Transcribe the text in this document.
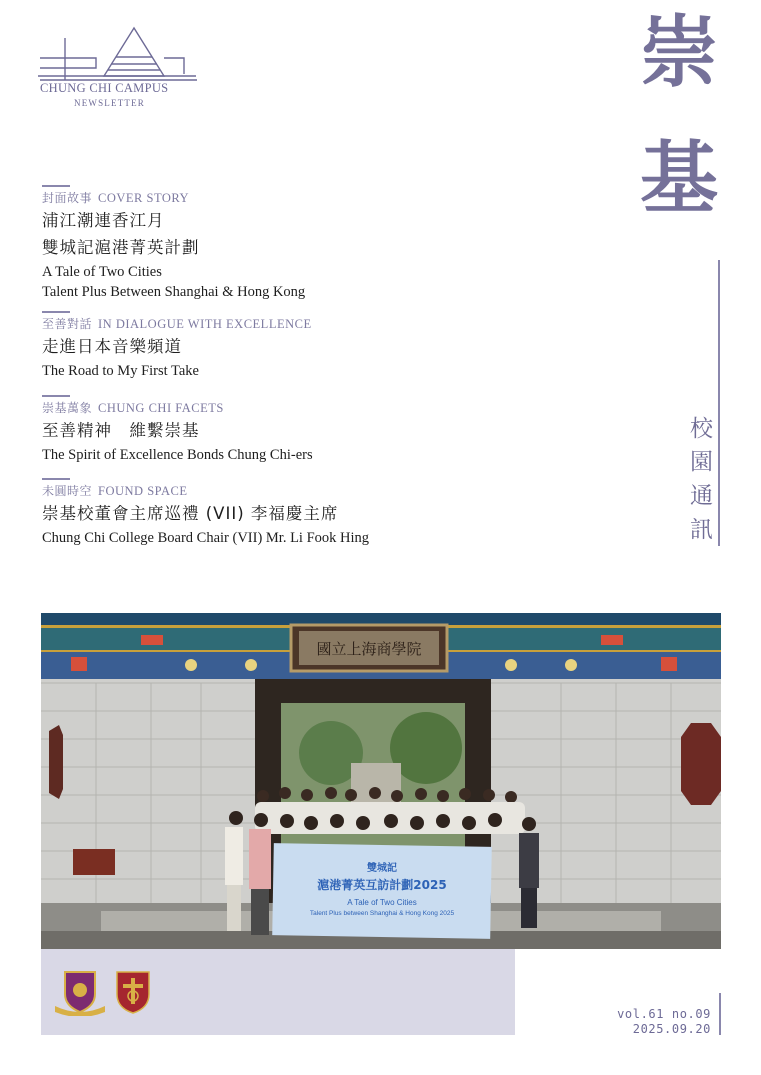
CHUNG CHI CAMPUS
NEWSLETTER
崇
基
校
園
通
訊
封面故事 COVER STORY
浦江潮連香江月
雙城記滬港菁英計劃
A Tale of Two Cities
Talent Plus Between Shanghai & Hong Kong
至善對話 IN DIALOGUE WITH EXCELLENCE
走進日本音樂頻道
The Road to My First Take
崇基萬象 CHUNG CHI FACETS
至善精神　維繫崇基
The Spirit of Excellence Bonds Chung Chi-ers
未圓時空 FOUND SPACE
崇基校董會主席巡禮 (VII) 李福慶主席
Chung Chi College Board Chair (VII) Mr. Li Fook Hing
國立上海商學院
雙城記
滬港菁英互訪計劃2025
A Tale of Two Cities
Talent Plus between Shanghai & Hong Kong 2025
vol.61 no.09
2025.09.20
